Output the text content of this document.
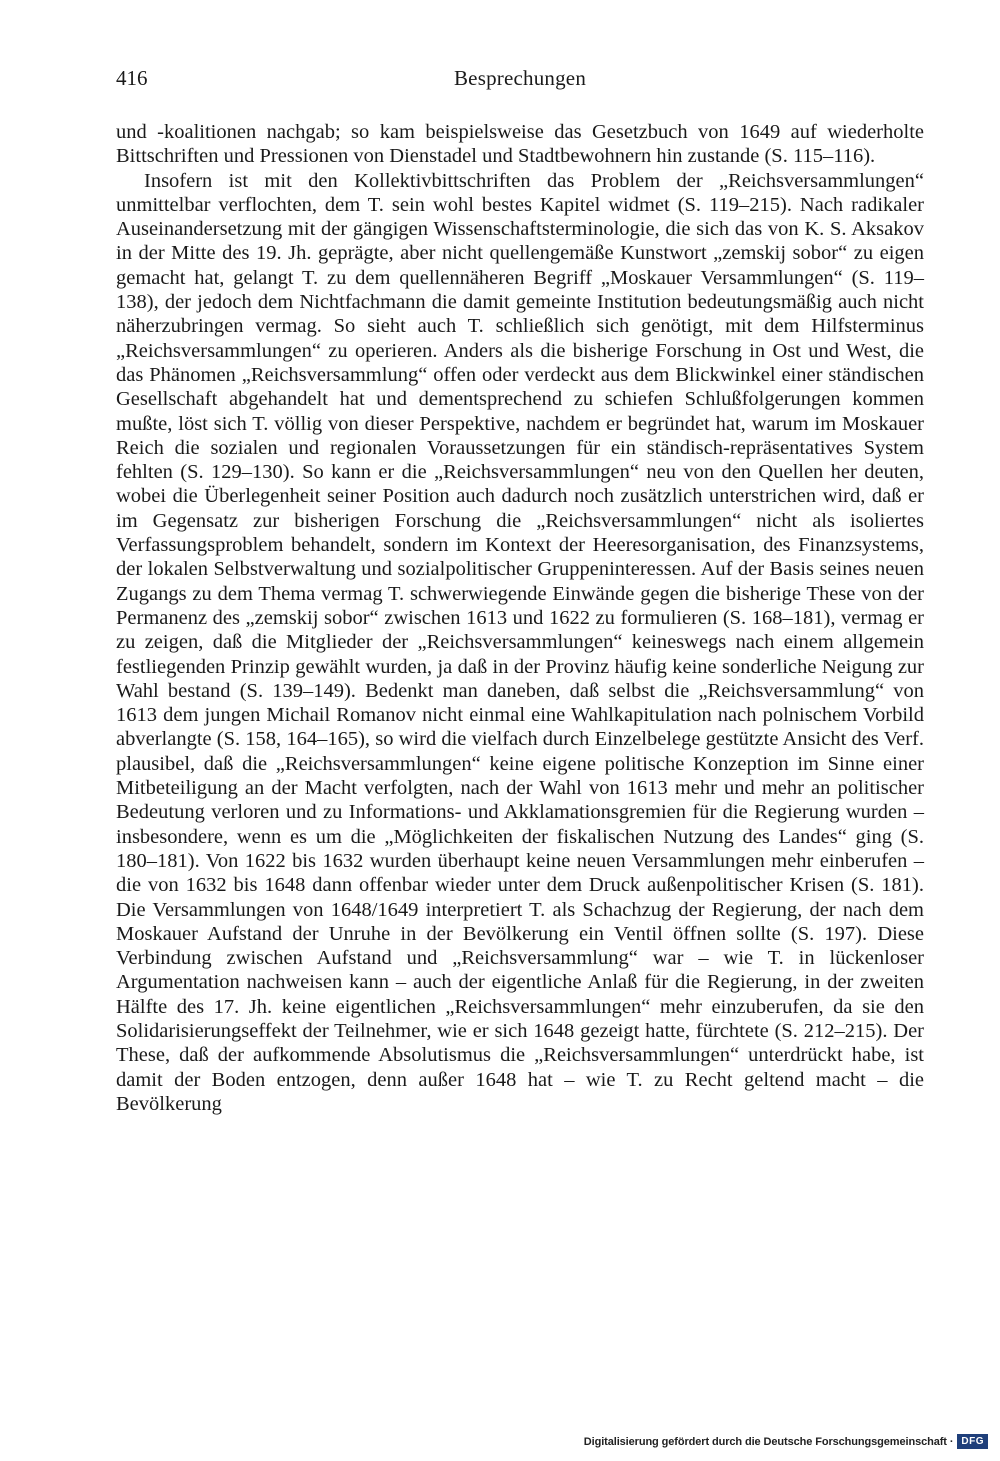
416	Besprechungen

und -koalitionen nachgab; so kam beispielsweise das Gesetzbuch von 1649 auf wiederholte Bittschriften und Pressionen von Dienstadel und Stadtbewohnern hin zustande (S. 115–116).

Insofern ist mit den Kollektivbittschriften das Problem der „Reichsversammlungen“ unmittelbar verflochten, dem T. sein wohl bestes Kapitel widmet (S. 119–215). Nach radikaler Auseinandersetzung mit der gängigen Wissenschaftsterminologie, die sich das von K. S. Aksakov in der Mitte des 19. Jh. geprägte, aber nicht quellengemäße Kunstwort „zemskij sobor“ zu eigen gemacht hat, gelangt T. zu dem quellennäheren Begriff „Moskauer Versammlungen“ (S. 119–138), der jedoch dem Nichtfachmann die damit gemeinte Institution bedeutungsmäßig auch nicht näherzubringen vermag. So sieht auch T. schließlich sich genötigt, mit dem Hilfsterminus „Reichsversammlungen“ zu operieren. Anders als die bisherige Forschung in Ost und West, die das Phänomen „Reichsversammlung“ offen oder verdeckt aus dem Blickwinkel einer ständischen Gesellschaft abgehandelt hat und dementsprechend zu schiefen Schlußfolgerungen kommen mußte, löst sich T. völlig von dieser Perspektive, nachdem er begründet hat, warum im Moskauer Reich die sozialen und regionalen Voraussetzungen für ein ständisch-repräsentatives System fehlten (S. 129–130). So kann er die „Reichsversammlungen“ neu von den Quellen her deuten, wobei die Überlegenheit seiner Position auch dadurch noch zusätzlich unterstrichen wird, daß er im Gegensatz zur bisherigen Forschung die „Reichsversammlungen“ nicht als isoliertes Verfassungsproblem behandelt, sondern im Kontext der Heeresorganisation, des Finanzsystems, der lokalen Selbstverwaltung und sozialpolitischer Gruppeninteressen. Auf der Basis seines neuen Zugangs zu dem Thema vermag T. schwerwiegende Einwände gegen die bisherige These von der Permanenz des „zemskij sobor“ zwischen 1613 und 1622 zu formulieren (S. 168–181), vermag er zu zeigen, daß die Mitglieder der „Reichsversammlungen“ keineswegs nach einem allgemein festliegenden Prinzip gewählt wurden, ja daß in der Provinz häufig keine sonderliche Neigung zur Wahl bestand (S. 139–149). Bedenkt man daneben, daß selbst die „Reichsversammlung“ von 1613 dem jungen Michail Romanov nicht einmal eine Wahlkapitulation nach polnischem Vorbild abverlangte (S. 158, 164–165), so wird die vielfach durch Einzelbelege gestützte Ansicht des Verf. plausibel, daß die „Reichsversammlungen“ keine eigene politische Konzeption im Sinne einer Mitbeteiligung an der Macht verfolgten, nach der Wahl von 1613 mehr und mehr an politischer Bedeutung verloren und zu Informations- und Akklamationsgremien für die Regierung wurden – insbesondere, wenn es um die „Möglichkeiten der fiskalischen Nutzung des Landes“ ging (S. 180–181). Von 1622 bis 1632 wurden überhaupt keine neuen Versammlungen mehr einberufen – die von 1632 bis 1648 dann offenbar wieder unter dem Druck außenpolitischer Krisen (S. 181). Die Versammlungen von 1648/1649 interpretiert T. als Schachzug der Regierung, der nach dem Moskauer Aufstand der Unruhe in der Bevölkerung ein Ventil öffnen sollte (S. 197). Diese Verbindung zwischen Aufstand und „Reichsversammlung“ war – wie T. in lückenloser Argumentation nachweisen kann – auch der eigentliche Anlaß für die Regierung, in der zweiten Hälfte des 17. Jh. keine eigentlichen „Reichsversammlungen“ mehr einzuberufen, da sie den Solidarisierungseffekt der Teilnehmer, wie er sich 1648 gezeigt hatte, fürchtete (S. 212–215). Der These, daß der aufkommende Absolutismus die „Reichsversammlungen“ unterdrückt habe, ist damit der Boden entzogen, denn außer 1648 hat – wie T. zu Recht geltend macht – die Bevölkerung

Digitalisierung gefördert durch die Deutsche Forschungsgemeinschaft · DFG
